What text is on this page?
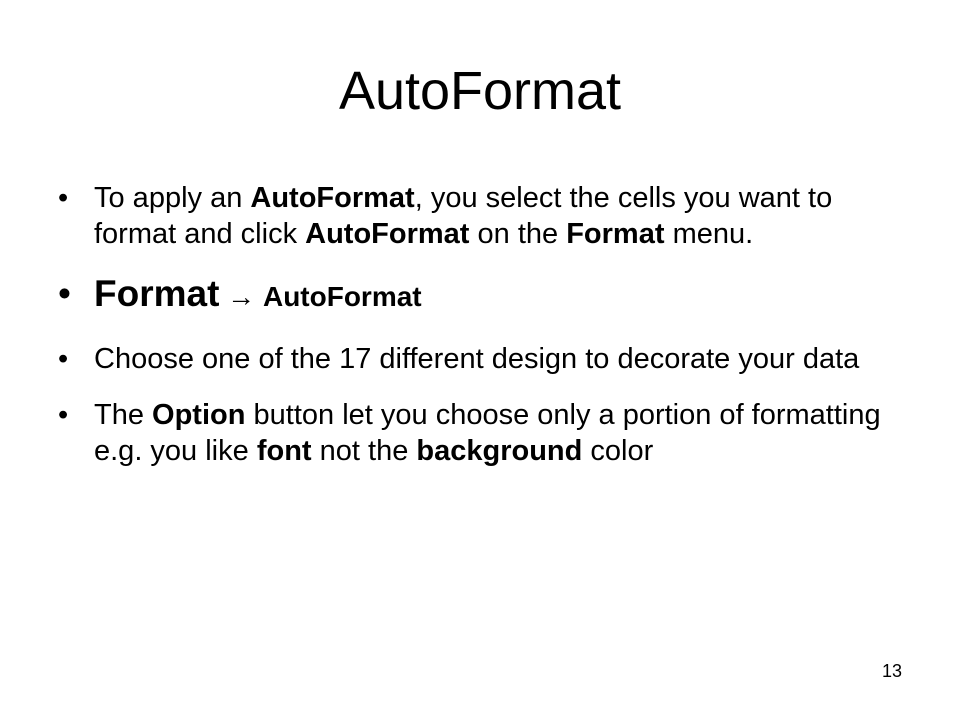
AutoFormat
• To apply an AutoFormat, you select the cells you want to format and click AutoFormat on the Format menu.
• Format → AutoFormat
• Choose one of the 17 different design to decorate your data
• The Option button let you choose only a portion of formatting e.g. you like font not the background color
13
